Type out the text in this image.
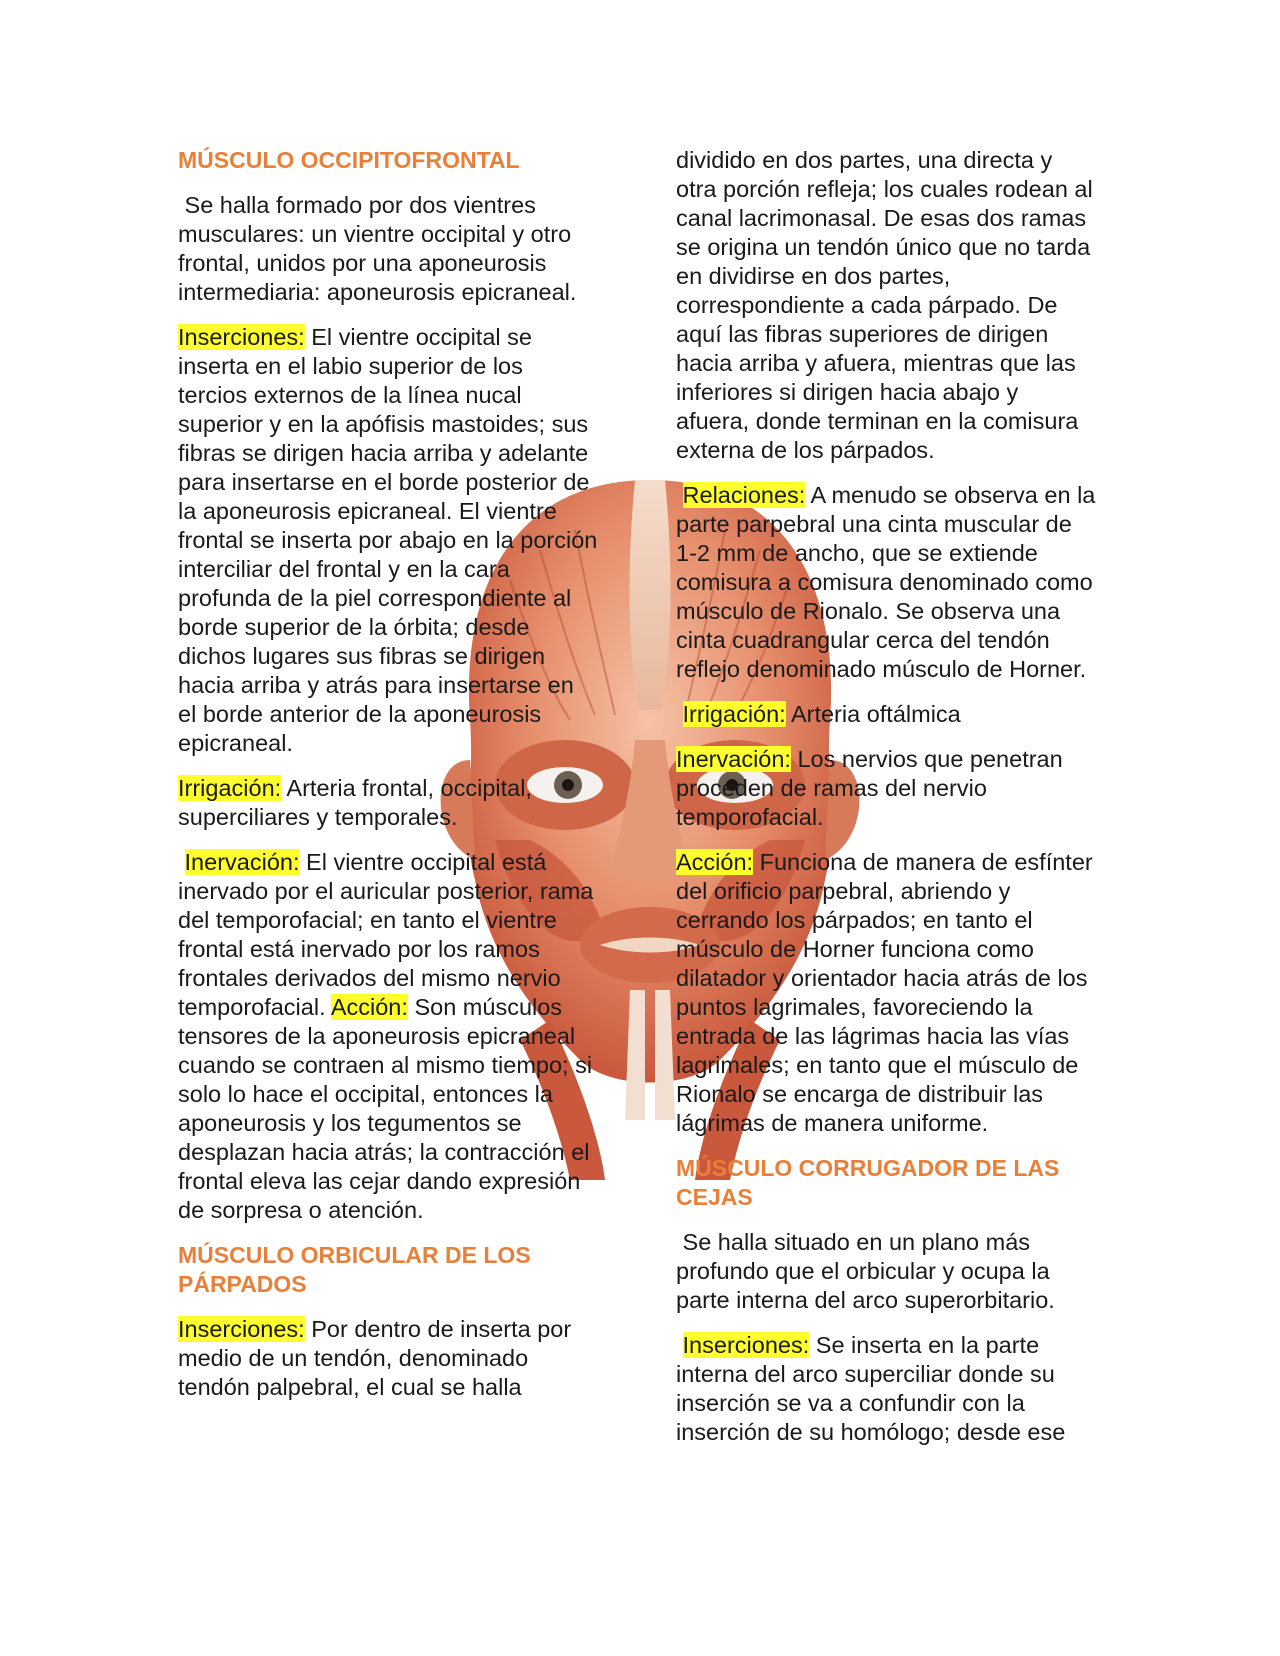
MÚSCULO OCCIPITOFRONTAL
Se halla formado por dos vientres musculares: un vientre occipital y otro frontal, unidos por una aponeurosis intermediaria: aponeurosis epicraneal.
Inserciones: El vientre occipital se inserta en el labio superior de los tercios externos de la línea nucal superior y en la apófisis mastoides; sus fibras se dirigen hacia arriba y adelante para insertarse en el borde posterior de la aponeurosis epicraneal. El vientre frontal se inserta por abajo en la porción interciliar del frontal y en la cara profunda de la piel correspondiente al borde superior de la órbita; desde dichos lugares sus fibras se dirigen hacia arriba y atrás para insertarse en el borde anterior de la aponeurosis epicraneal.
Irrigación: Arteria frontal, occipital, superciliares y temporales.
Inervación: El vientre occipital está inervado por el auricular posterior, rama del temporofacial; en tanto el vientre frontal está inervado por los ramos frontales derivados del mismo nervio temporofacial. Acción: Son músculos tensores de la aponeurosis epicraneal cuando se contraen al mismo tiempo; si solo lo hace el occipital, entonces la aponeurosis y los tegumentos se desplazan hacia atrás; la contracción el frontal eleva las cejar dando expresión de sorpresa o atención.
MÚSCULO ORBICULAR DE LOS PÁRPADOS
Inserciones: Por dentro de inserta por medio de un tendón, denominado tendón palpebral, el cual se halla
dividido en dos partes, una directa y otra porción refleja; los cuales rodean al canal lacrimonasal. De esas dos ramas se origina un tendón único que no tarda en dividirse en dos partes, correspondiente a cada párpado. De aquí las fibras superiores de dirigen hacia arriba y afuera, mientras que las inferiores si dirigen hacia abajo y afuera, donde terminan en la comisura externa de los párpados.
Relaciones: A menudo se observa en la parte parpebral una cinta muscular de 1-2 mm de ancho, que se extiende comisura a comisura denominado como músculo de Rionalo. Se observa una cinta cuadrangular cerca del tendón reflejo denominado músculo de Horner.
Irrigación: Arteria oftálmica
Inervación: Los nervios que penetran proceden de ramas del nervio temporofacial.
Acción: Funciona de manera de esfínter del orificio parpebral, abriendo y cerrando los párpados; en tanto el músculo de Horner funciona como dilatador y orientador hacia atrás de los puntos lagrimales, favoreciendo la entrada de las lágrimas hacia las vías lagrimales; en tanto que el músculo de Rionalo se encarga de distribuir las lágrimas de manera uniforme.
MÚSCULO CORRUGADOR DE LAS CEJAS
Se halla situado en un plano más profundo que el orbicular y ocupa la parte interna del arco superorbitario.
Inserciones: Se inserta en la parte interna del arco superciliar donde su inserción se va a confundir con la inserción de su homólogo; desde ese
